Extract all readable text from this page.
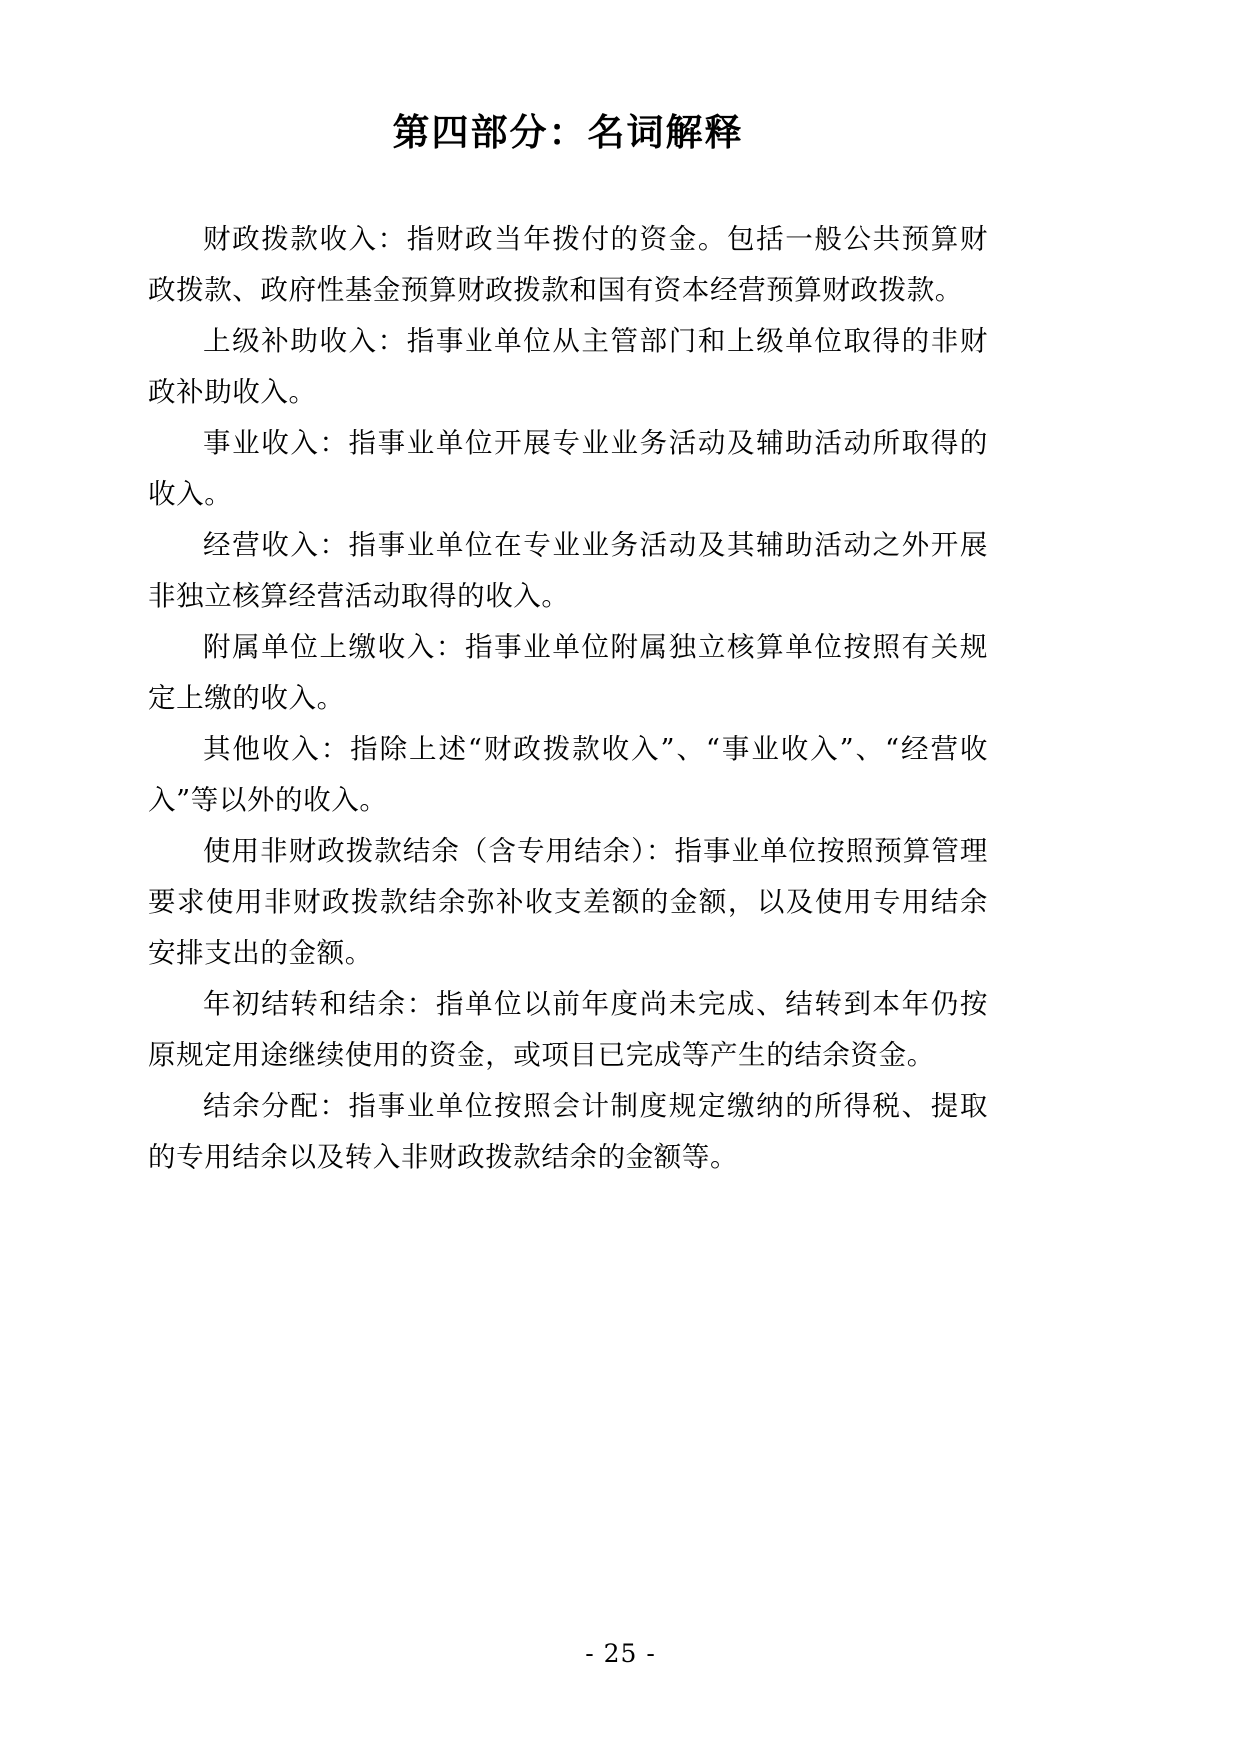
第四部分：名词解释

财政拨款收入：指财政当年拨付的资金。包括一般公共预算财政拨款、政府性基金预算财政拨款和国有资本经营预算财政拨款。

上级补助收入：指事业单位从主管部门和上级单位取得的非财政补助收入。

事业收入：指事业单位开展专业业务活动及辅助活动所取得的收入。

经营收入：指事业单位在专业业务活动及其辅助活动之外开展非独立核算经营活动取得的收入。

附属单位上缴收入：指事业单位附属独立核算单位按照有关规定上缴的收入。

其他收入：指除上述“财政拨款收入”、“事业收入”、“经营收入”等以外的收入。

使用非财政拨款结余（含专用结余）：指事业单位按照预算管理要求使用非财政拨款结余弥补收支差额的金额，以及使用专用结余安排支出的金额。

年初结转和结余：指单位以前年度尚未完成、结转到本年仍按原规定用途继续使用的资金，或项目已完成等产生的结余资金。

结余分配：指事业单位按照会计制度规定缴纳的所得税、提取的专用结余以及转入非财政拨款结余的金额等。

- 25 -
